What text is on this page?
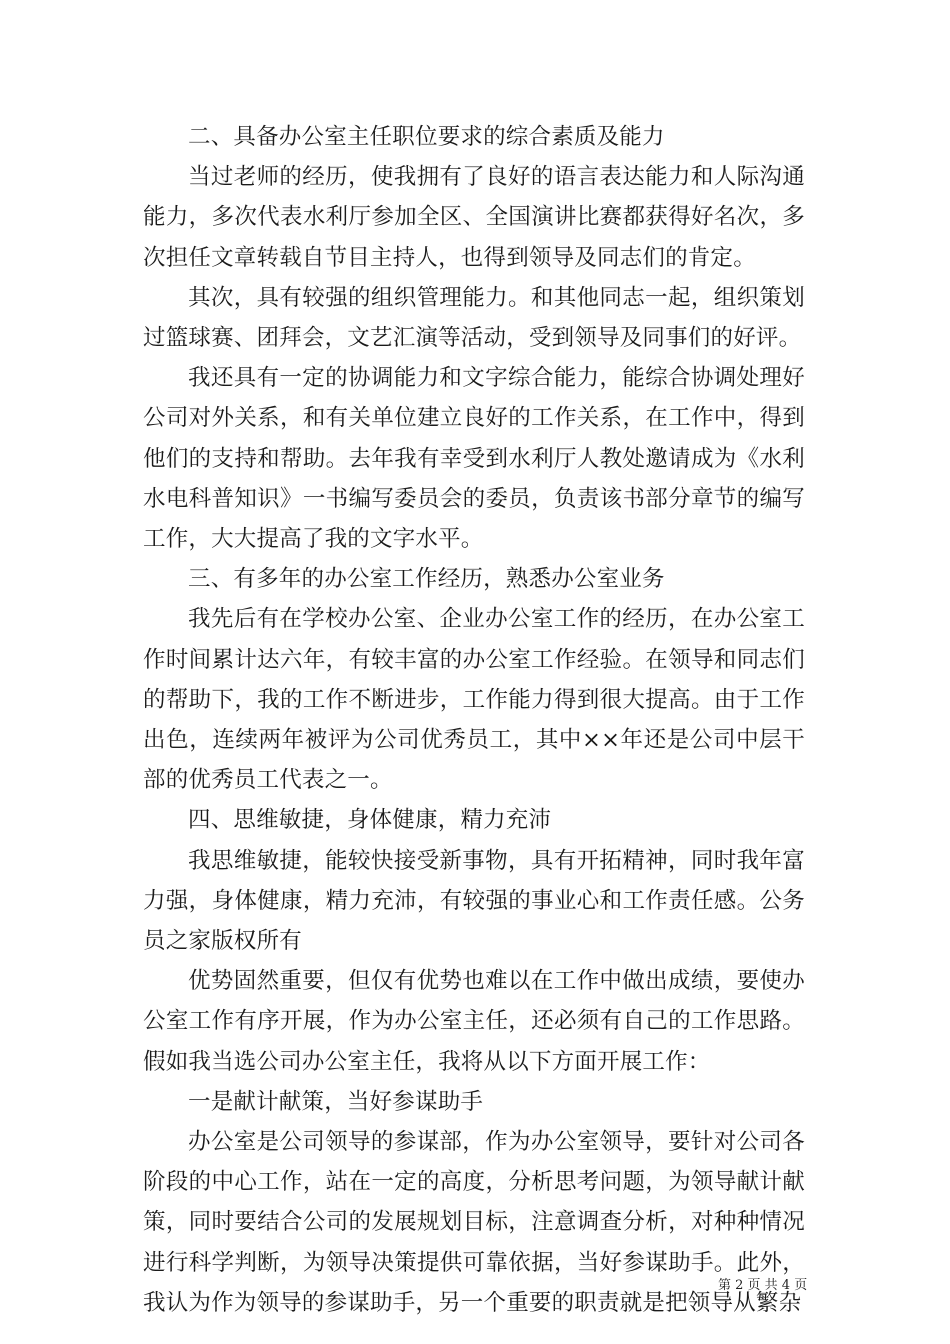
二、具备办公室主任职位要求的综合素质及能力

当过老师的经历，使我拥有了良好的语言表达能力和人际沟通能力，多次代表水利厅参加全区、全国演讲比赛都获得好名次，多次担任文章转载自节目主持人，也得到领导及同志们的肯定。

其次，具有较强的组织管理能力。和其他同志一起，组织策划过篮球赛、团拜会，文艺汇演等活动，受到领导及同事们的好评。

我还具有一定的协调能力和文字综合能力，能综合协调处理好公司对外关系，和有关单位建立良好的工作关系，在工作中，得到他们的支持和帮助。去年我有幸受到水利厅人教处邀请成为《水利水电科普知识》一书编写委员会的委员，负责该书部分章节的编写工作，大大提高了我的文字水平。

三、有多年的办公室工作经历，熟悉办公室业务

我先后有在学校办公室、企业办公室工作的经历，在办公室工作时间累计达六年，有较丰富的办公室工作经验。在领导和同志们的帮助下，我的工作不断进步，工作能力得到很大提高。由于工作出色，连续两年被评为公司优秀员工，其中××年还是公司中层干部的优秀员工代表之一。

四、思维敏捷，身体健康，精力充沛

我思维敏捷，能较快接受新事物，具有开拓精神，同时我年富力强，身体健康，精力充沛，有较强的事业心和工作责任感。公务员之家版权所有

优势固然重要，但仅有优势也难以在工作中做出成绩，要使办公室工作有序开展，作为办公室主任，还必须有自己的工作思路。假如我当选公司办公室主任，我将从以下方面开展工作：

一是献计献策，当好参谋助手

办公室是公司领导的参谋部，作为办公室领导，要针对公司各阶段的中心工作，站在一定的高度，分析思考问题，为领导献计献策，同时要结合公司的发展规划目标，注意调查分析，对种种情况进行科学判断，为领导决策提供可靠依据，当好参谋助手。此外，我认为作为领导的参谋助手，另一个重要的职责就是把领导从繁杂

第 2 页 共 4 页
